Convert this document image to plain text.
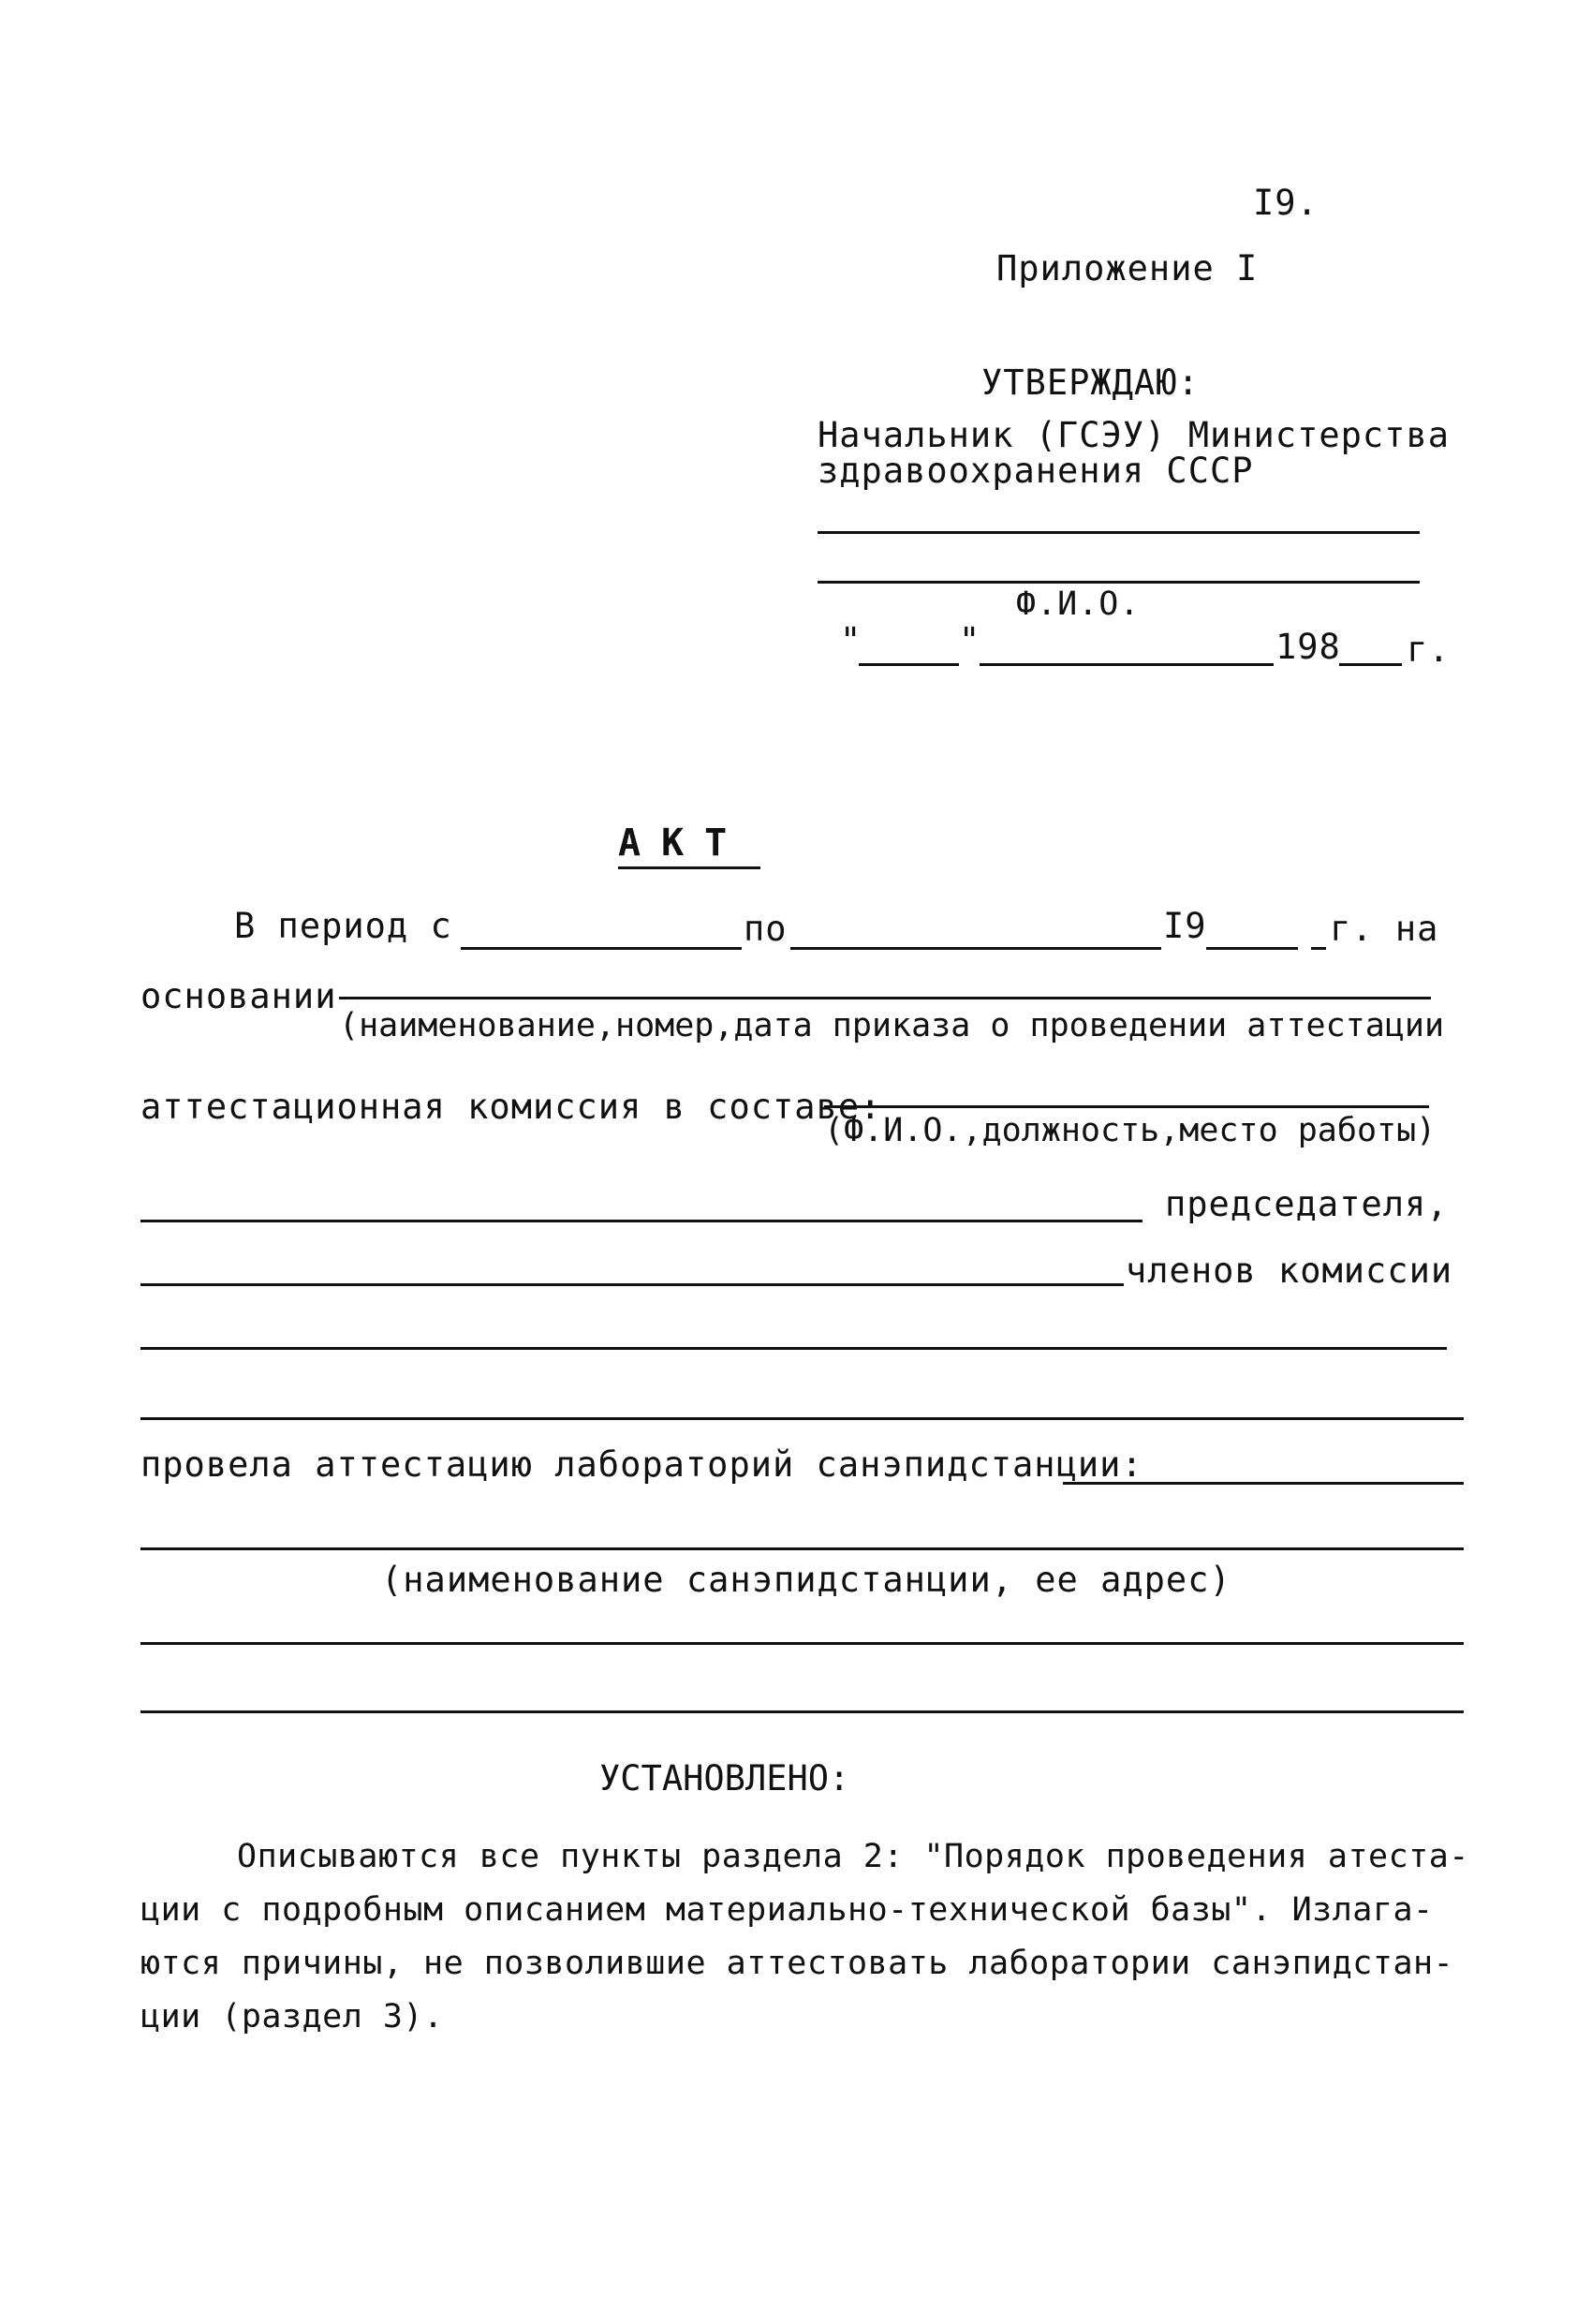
I9.
Приложение I
УТВЕРЖДАЮ:
Начальник (ГСЭУ) Министерства
здравоохранения СССР
Ф.И.О.
"	"	198 г.
АКТ
В период с	по	I9	г. на
основании
(наименование,номер,дата приказа о проведении аттестации
аттестационная комиссия в составе:
(Ф.И.О.,должность,место работы)
председателя,
членов комиссии
провела аттестацию лабораторий санэпидстанции:
(наименование санэпидстанции, ее адрес)
УСТАНОВЛЕНО:
Описываются все пункты раздела 2: "Порядок проведения атеста-
ции с подробным описанием материально-технической базы". Излага-
ются причины, не позволившие аттестовать лаборатории санэпидстан-
ции (раздел 3).
